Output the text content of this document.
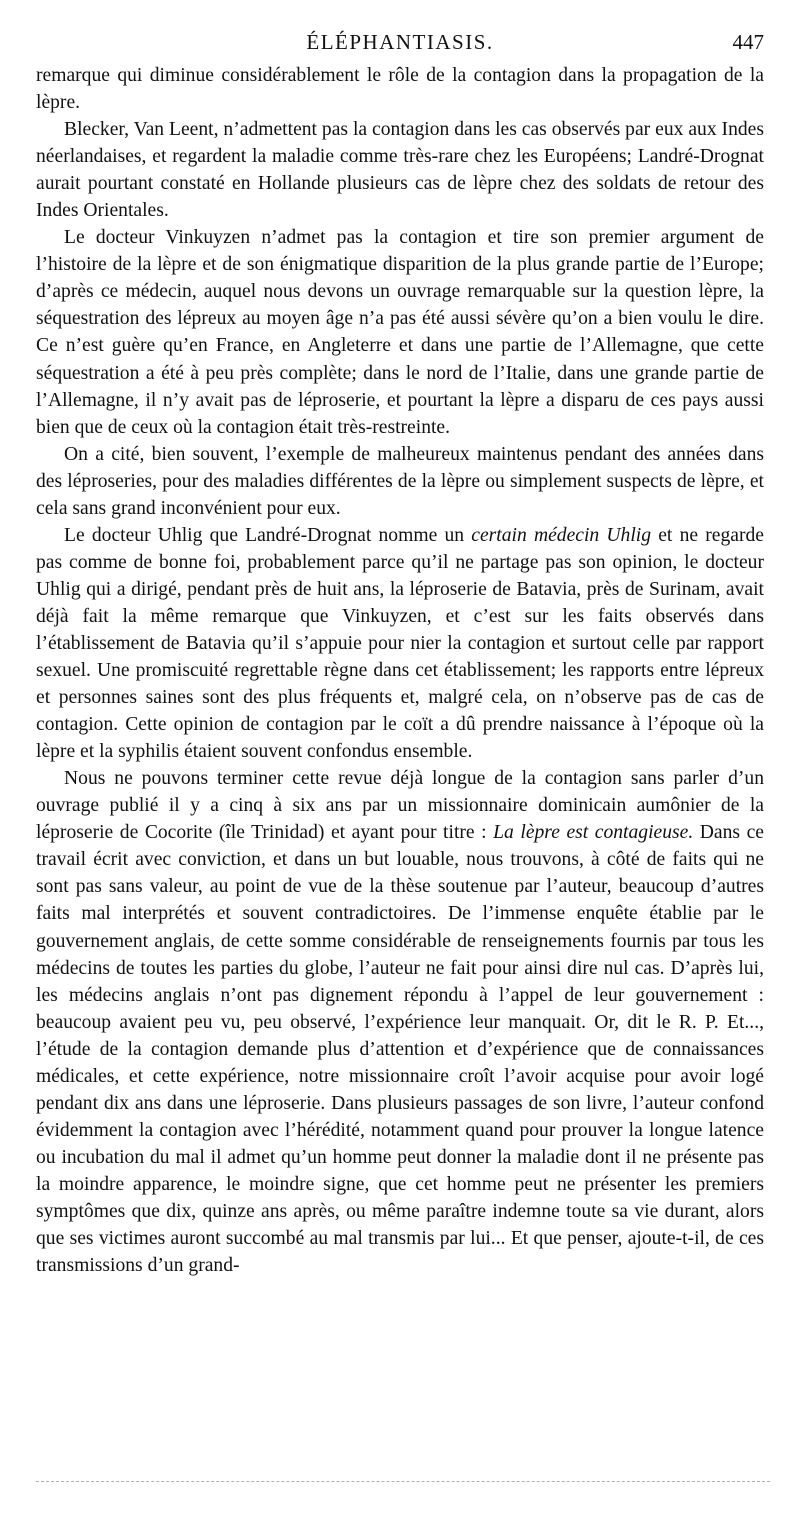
ÉLÉPHANTIASIS.	447

remarque qui diminue considérablement le rôle de la contagion dans la propagation de la lèpre.

Blecker, Van Leent, n’admettent pas la contagion dans les cas observés par eux aux Indes néerlandaises, et regardent la maladie comme très-rare chez les Européens; Landré-Drognat aurait pourtant constaté en Hollande plusieurs cas de lèpre chez des soldats de retour des Indes Orientales.

Le docteur Vinkuyzen n’admet pas la contagion et tire son premier argument de l’histoire de la lèpre et de son énigmatique disparition de la plus grande partie de l’Europe; d’après ce médecin, auquel nous devons un ouvrage remarquable sur la question lèpre, la séquestration des lépreux au moyen âge n’a pas été aussi sévère qu’on a bien voulu le dire. Ce n’est guère qu’en France, en Angleterre et dans une partie de l’Allemagne, que cette séquestration a été à peu près complète; dans le nord de l’Italie, dans une grande partie de l’Allemagne, il n’y avait pas de léproserie, et pourtant la lèpre a disparu de ces pays aussi bien que de ceux où la contagion était très-restreinte.

On a cité, bien souvent, l’exemple de malheureux maintenus pendant des années dans des léproseries, pour des maladies différentes de la lèpre ou simplement suspects de lèpre, et cela sans grand inconvénient pour eux.

Le docteur Uhlig que Landré-Drognat nomme un certain médecin Uhlig et ne regarde pas comme de bonne foi, probablement parce qu’il ne partage pas son opinion, le docteur Uhlig qui a dirigé, pendant près de huit ans, la léproserie de Batavia, près de Surinam, avait déjà fait la même remarque que Vinkuyzen, et c’est sur les faits observés dans l’établissement de Batavia qu’il s’appuie pour nier la contagion et surtout celle par rapport sexuel. Une promiscuité regrettable règne dans cet établissement; les rapports entre lépreux et personnes saines sont des plus fréquents et, malgré cela, on n’observe pas de cas de contagion. Cette opinion de contagion par le coït a dû prendre naissance à l’époque où la lèpre et la syphilis étaient souvent confondus ensemble.

Nous ne pouvons terminer cette revue déjà longue de la contagion sans parler d’un ouvrage publié il y a cinq à six ans par un missionnaire dominicain aumônier de la léproserie de Cocorite (île Trinidad) et ayant pour titre : La lèpre est contagieuse. Dans ce travail écrit avec conviction, et dans un but louable, nous trouvons, à côté de faits qui ne sont pas sans valeur, au point de vue de la thèse soutenue par l’auteur, beaucoup d’autres faits mal interprétés et souvent contradictoires. De l’immense enquête établie par le gouvernement anglais, de cette somme considérable de renseignements fournis par tous les médecins de toutes les parties du globe, l’auteur ne fait pour ainsi dire nul cas. D’après lui, les médecins anglais n’ont pas dignement répondu à l’appel de leur gouvernement : beaucoup avaient peu vu, peu observé, l’expérience leur manquait. Or, dit le R. P. Et..., l’étude de la contagion demande plus d’attention et d’expérience que de connaissances médicales, et cette expérience, notre missionnaire croît l’avoir acquise pour avoir logé pendant dix ans dans une léproserie. Dans plusieurs passages de son livre, l’auteur confond évidemment la contagion avec l’hérédité, notamment quand pour prouver la longue latence ou incubation du mal il admet qu’un homme peut donner la maladie dont il ne présente pas la moindre apparence, le moindre signe, que cet homme peut ne présenter les premiers symptômes que dix, quinze ans après, ou même paraître indemne toute sa vie durant, alors que ses victimes auront succombé au mal transmis par lui... Et que penser, ajoute-t-il, de ces transmissions d’un grand-
